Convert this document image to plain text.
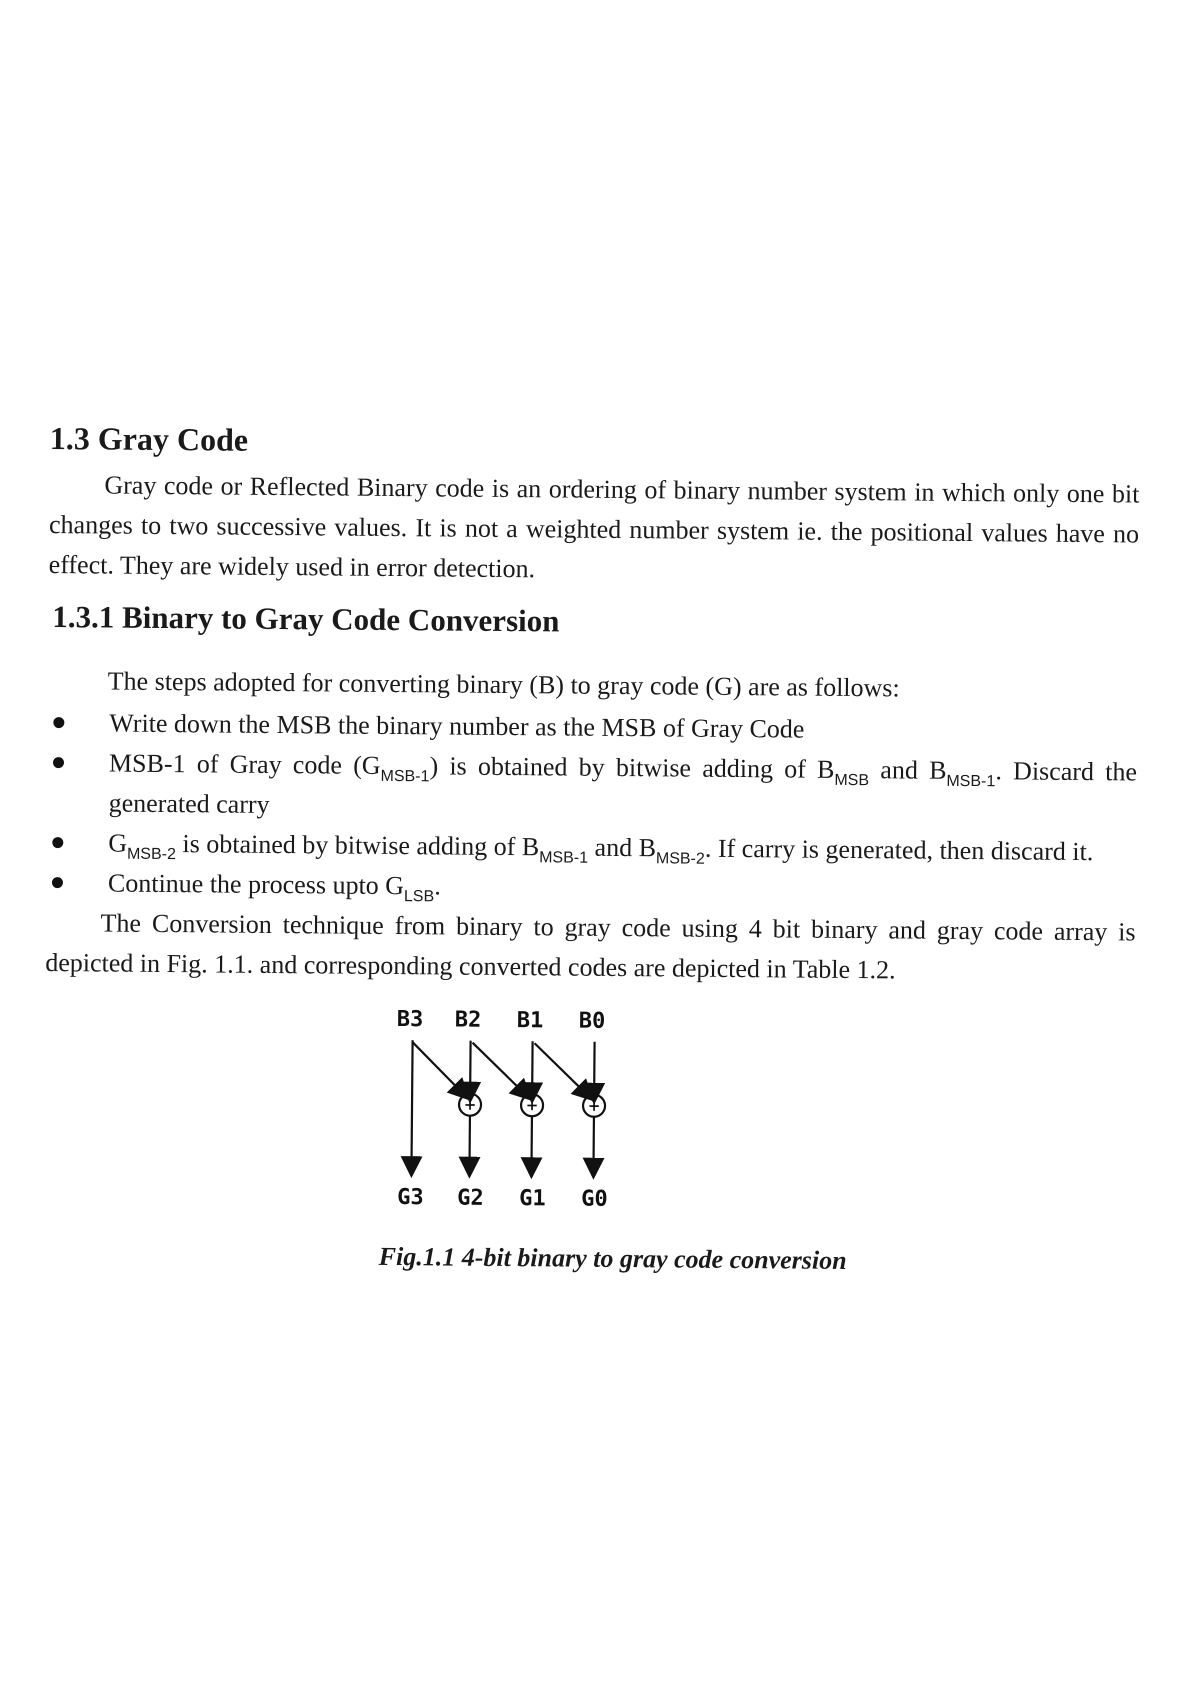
1.3 Gray Code

Gray code or Reflected Binary code is an ordering of binary number system in which only one bit changes to two successive values. It is not a weighted number system ie. the positional values have no effect. They are widely used in error detection.

1.3.1 Binary to Gray Code Conversion

The steps adopted for converting binary (B) to gray code (G) are as follows:

Write down the MSB the binary number as the MSB of Gray Code
MSB-1 of Gray code $(G_{MSB-1})$ is obtained by bitwise adding of $B_{MSB}$ and $B_{MSB-1}$. Discard the generated carry
$G_{MSB-2}$ is obtained by bitwise adding of $B_{MSB-1}$ and $B_{MSB-2}$. If carry is generated, then discard it.
Continue the process upto $G_{LSB}$.

The Conversion technique from binary to gray code using 4 bit binary and gray code array is depicted in Fig. 1.1. and corresponding converted codes are depicted in Table 1.2.

B3 B2 B1 B0
G3 G2 G1 G0
+	+	+
Fig.1.1 4-bit binary to gray code conversion
